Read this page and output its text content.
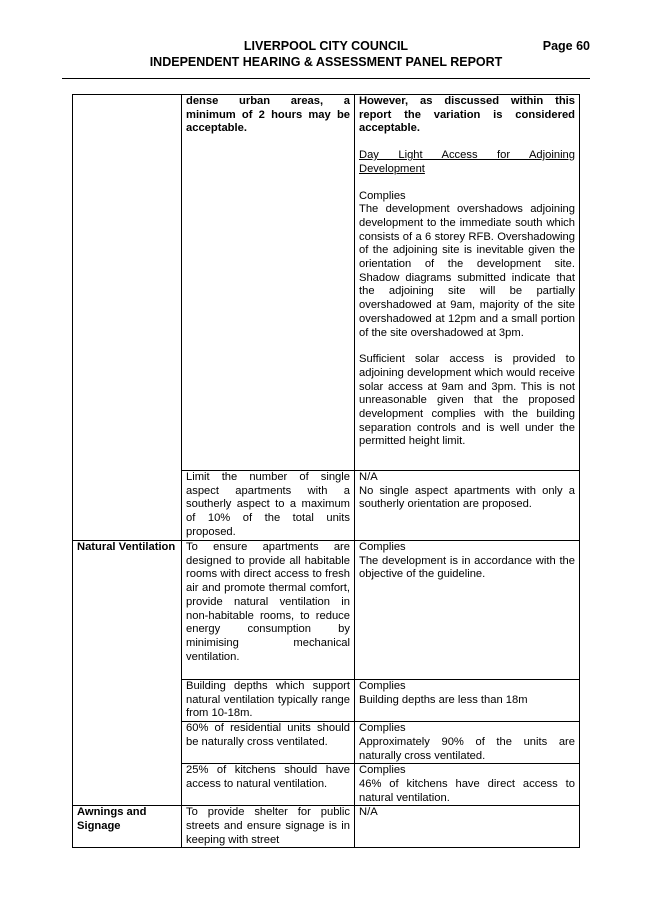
LIVERPOOL CITY COUNCIL	Page 60
INDEPENDENT HEARING & ASSESSMENT PANEL REPORT
	dense urban areas, a minimum of 2 hours may be acceptable.	However, as discussed within this report the variation is considered acceptable.

Day Light Access for Adjoining Development

Complies

The development overshadows adjoining development to the immediate south which consists of a 6 storey RFB. Overshadowing of the adjoining site is inevitable given the orientation of the development site. Shadow diagrams submitted indicate that the adjoining site will be partially overshadowed at 9am, majority of the site overshadowed at 12pm and a small portion of the site overshadowed at 3pm.

Sufficient solar access is provided to adjoining development which would receive solar access at 9am and 3pm. This is not unreasonable given that the proposed development complies with the building separation controls and is well under the permitted height limit.

	Limit the number of single aspect apartments with a southerly aspect to a maximum of 10% of the total units proposed.	N/A

No single aspect apartments with only a southerly orientation are proposed.

Natural Ventilation	To ensure apartments are designed to provide all habitable rooms with direct access to fresh air and promote thermal comfort, provide natural ventilation in non-habitable rooms, to reduce energy consumption by minimising mechanical ventilation.	Complies

The development is in accordance with the objective of the guideline.

	Building depths which support natural ventilation typically range from 10-18m.	Complies

Building depths are less than 18m

	60% of residential units should be naturally cross ventilated.	Complies

Approximately 90% of the units are naturally cross ventilated.

	25% of kitchens should have access to natural ventilation.	Complies

46% of kitchens have direct access to natural ventilation.

Awnings and Signage	To provide shelter for public streets and ensure signage is in keeping with street	N/A
